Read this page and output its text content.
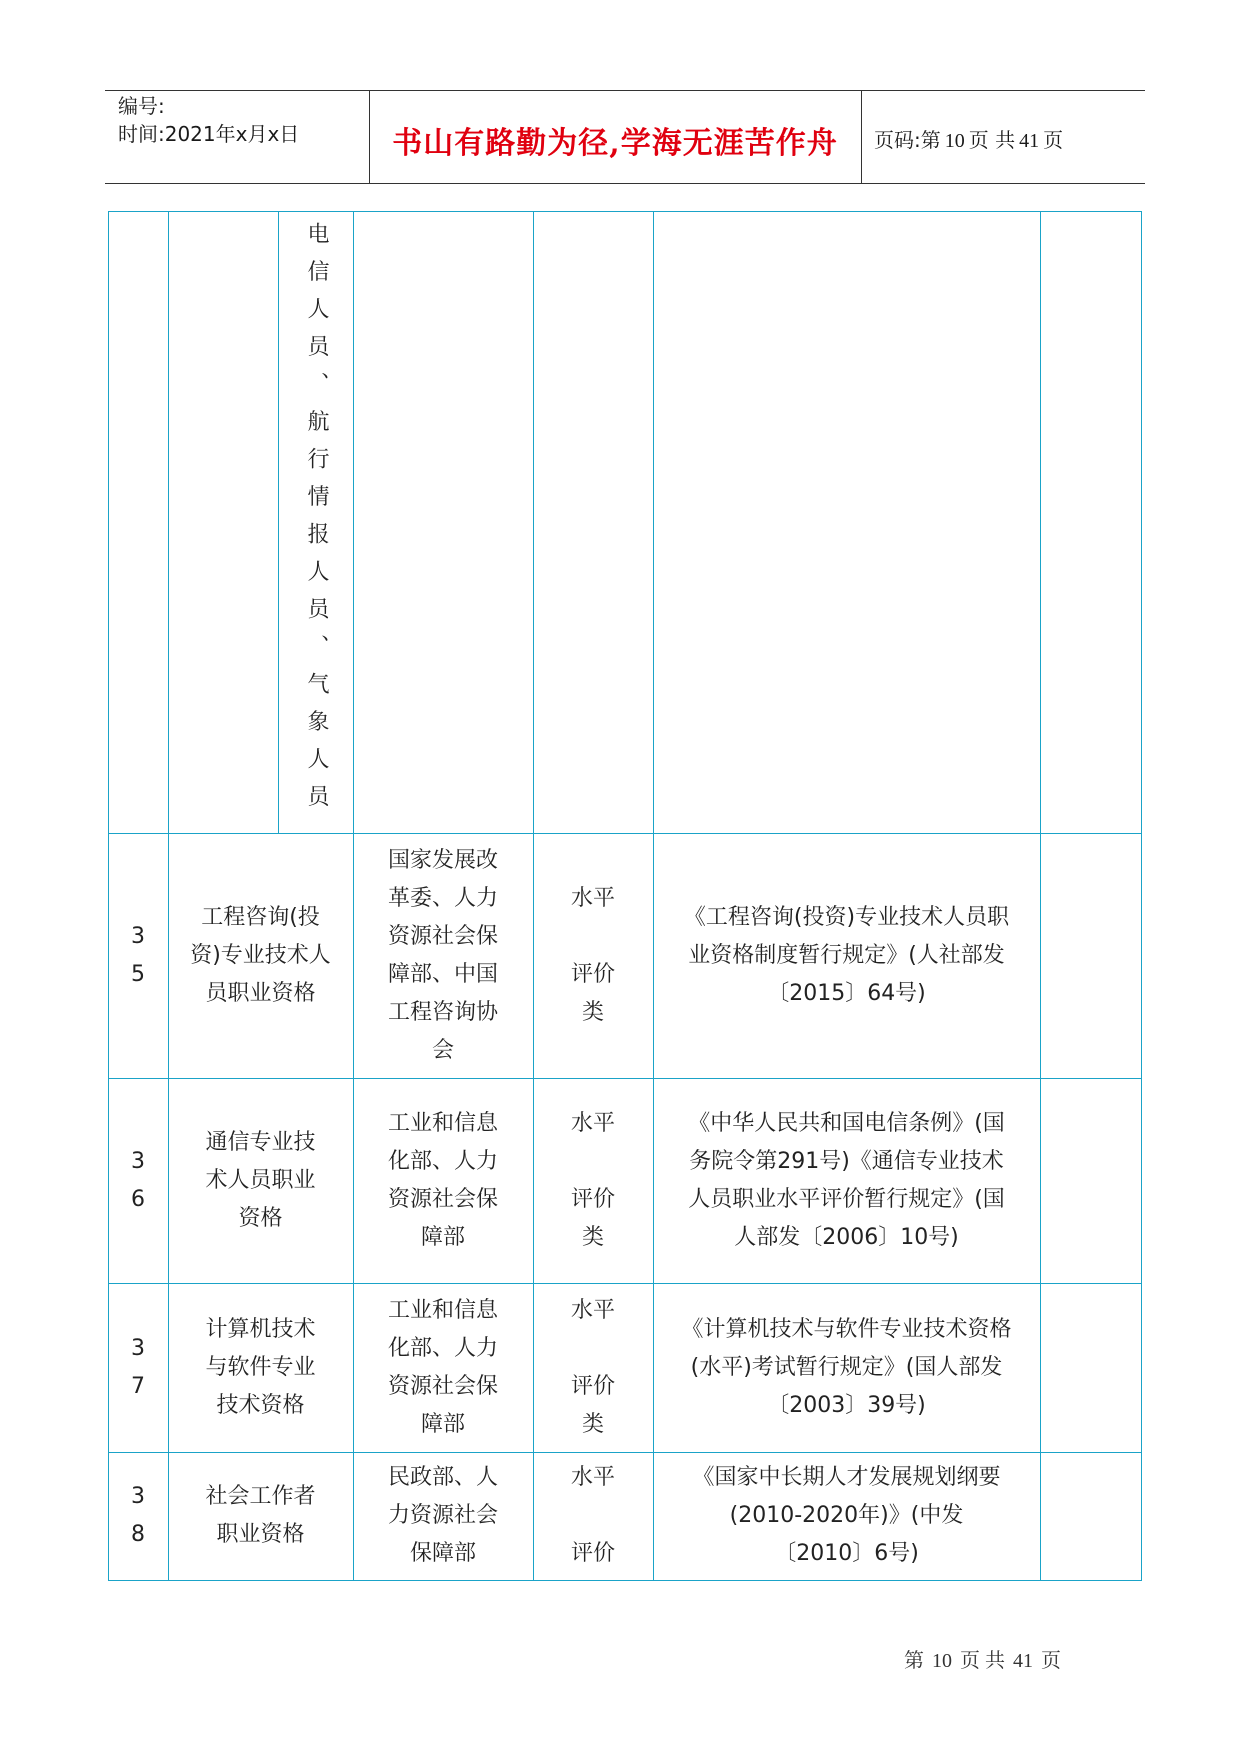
编号:
时间:2021年x月x日	书山有路勤为径,学海无涯苦作舟	页码:第 10 页 共 41 页
电信人员、航行情报人员、气象人员
3
5
工程咨询(投资)专业技术人员职业资格
国家发展改革委、人力资源社会保障部、中国工程咨询协会
水平
评价
类
《工程咨询(投资)专业技术人员职业资格制度暂行规定》(人社部发〔2015〕64号)
3
6
通信专业技术人员职业资格
工业和信息化部、人力资源社会保障部
水平
评价
类
《中华人民共和国电信条例》(国务院令第291号)《通信专业技术人员职业水平评价暂行规定》(国人部发〔2006〕10号)
3
7
计算机技术与软件专业技术资格
工业和信息化部、人力资源社会保障部
水平
评价
类
《计算机技术与软件专业技术资格(水平)考试暂行规定》(国人部发〔2003〕39号)
3
8
社会工作者职业资格
民政部、人力资源社会保障部
水平
评价
《国家中长期人才发展规划纲要(2010-2020年)》(中发〔2010〕6号)
第 10 页 共 41 页
